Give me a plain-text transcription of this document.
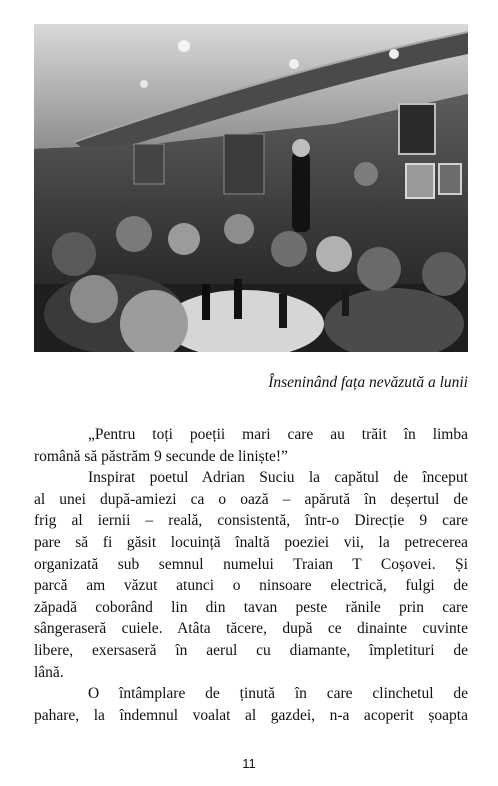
Înseninând fața nevăzută a lunii

„Pentru toți poeții mari care au trăit în limba
română să păstrăm 9 secunde de liniște!”

Inspirat poetul Adrian Suciu la capătul de început
al unei după-amiezi ca o oază – apărută în deșertul de
frig al iernii – reală, consistentă, într-o Direcție 9 care
pare să fi găsit locuință înaltă poeziei vii, la petrecerea
organizată sub semnul numelui Traian T Coșovei. Și
parcă am văzut atunci o ninsoare electrică, fulgi de
zăpadă coborând lin din tavan peste rănile prin care
sângeraseră cuiele. Atâta tăcere, după ce dinainte cuvinte
libere, exersaseră în aerul cu diamante, împletituri de
lână.

O întâmplare de ținută în care clinchetul de
pahare, la îndemnul voalat al gazdei, n-a acoperit șoapta

11
